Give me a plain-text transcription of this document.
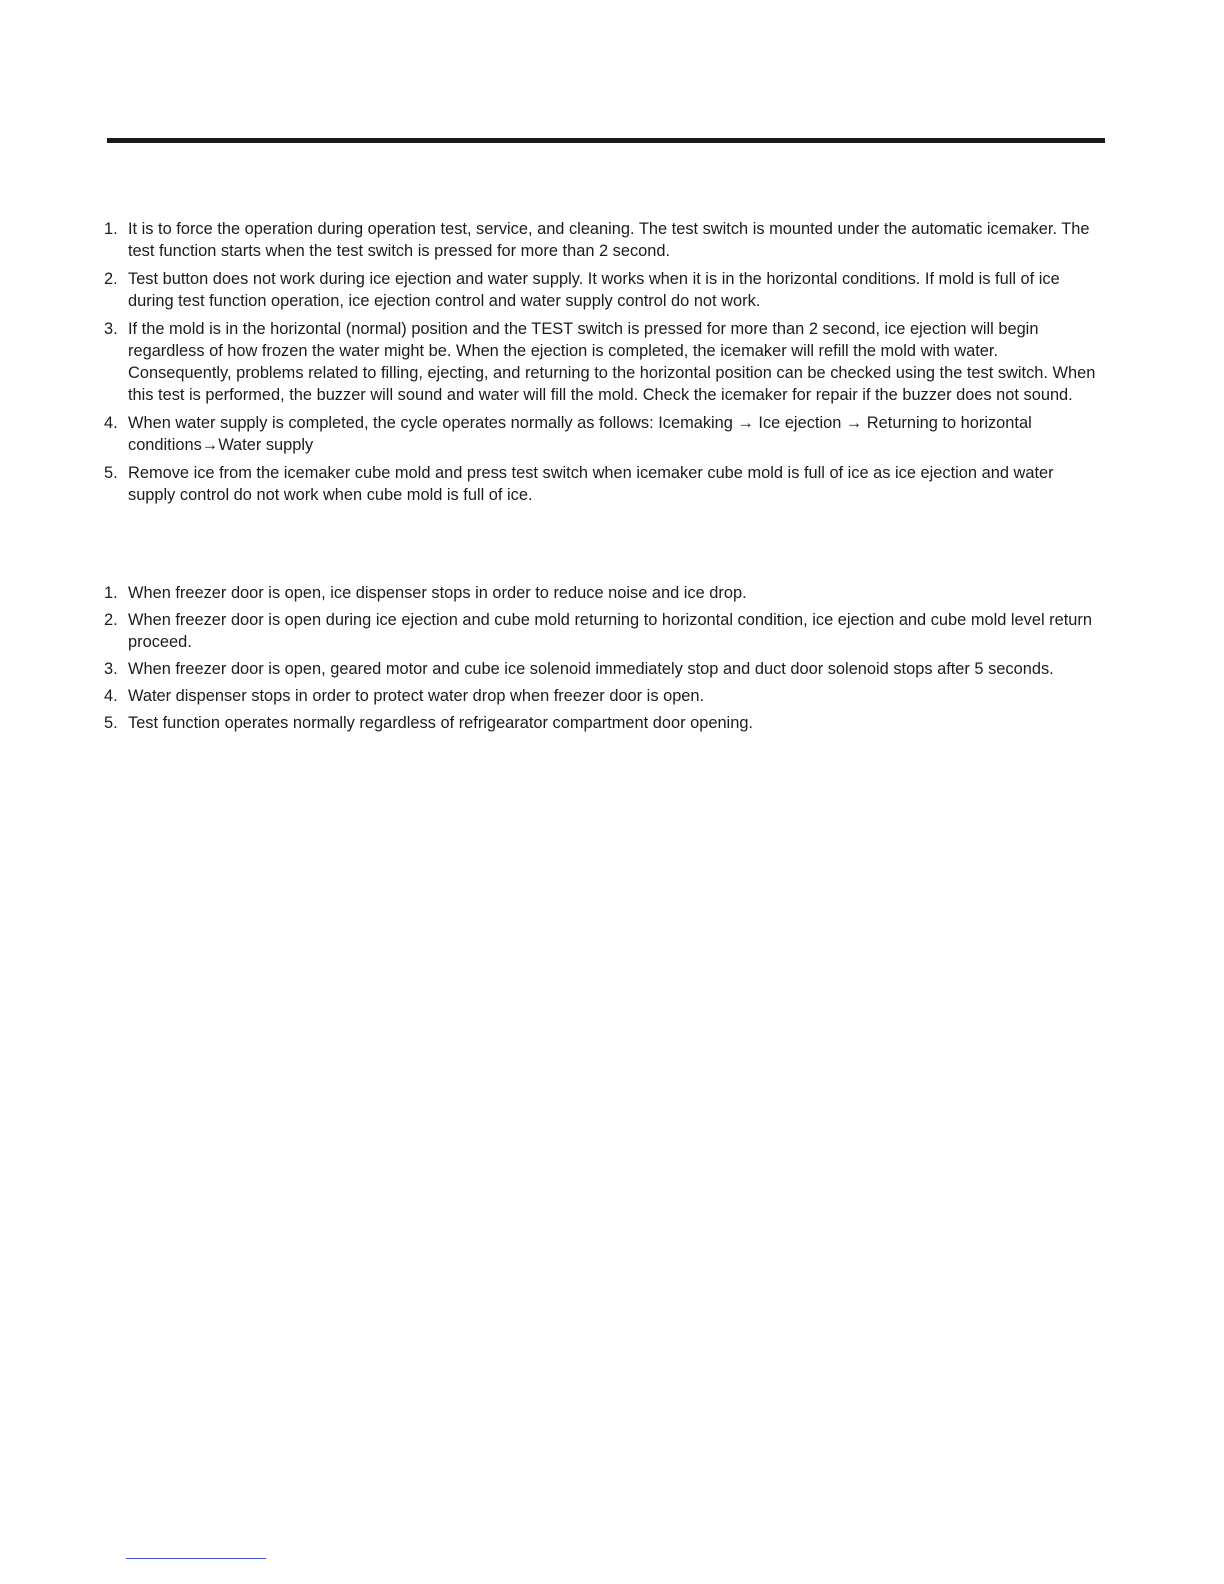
1. It is to force the operation during operation test, service, and cleaning. The test switch is mounted under the automatic icemaker. The test function starts when the test switch is pressed for more than 2 second.
2. Test button does not work during ice ejection and water supply. It works when it is in the horizontal conditions. If mold is full of ice during test function operation, ice ejection control and water supply control do not work.
3. If the mold is in the horizontal (normal) position and the TEST switch is pressed for more than 2 second, ice ejection will begin regardless of how frozen the water might be. When the ejection is completed, the icemaker will refill the mold with water. Consequently, problems related to filling, ejecting, and returning to the horizontal position can be checked using the test switch. When this test is performed, the buzzer will sound and water will fill the mold. Check the icemaker for repair if the buzzer does not sound.
4. When water supply is completed, the cycle operates normally as follows: Icemaking → Ice ejection → Returning to horizontal conditions→Water supply
5. Remove ice from the icemaker cube mold and press test switch when icemaker cube mold is full of ice as ice ejection and water supply control do not work when cube mold is full of ice.
1. When freezer door is open, ice dispenser stops in order to reduce noise and ice drop.
2. When freezer door is open during ice ejection and cube mold returning to horizontal condition, ice ejection and cube mold level return proceed.
3. When freezer door is open, geared motor and cube ice solenoid immediately stop and duct door solenoid stops after 5 seconds.
4. Water dispenser stops in order to protect water drop when freezer door is open.
5. Test function operates normally regardless of refrigearator compartment door opening.
